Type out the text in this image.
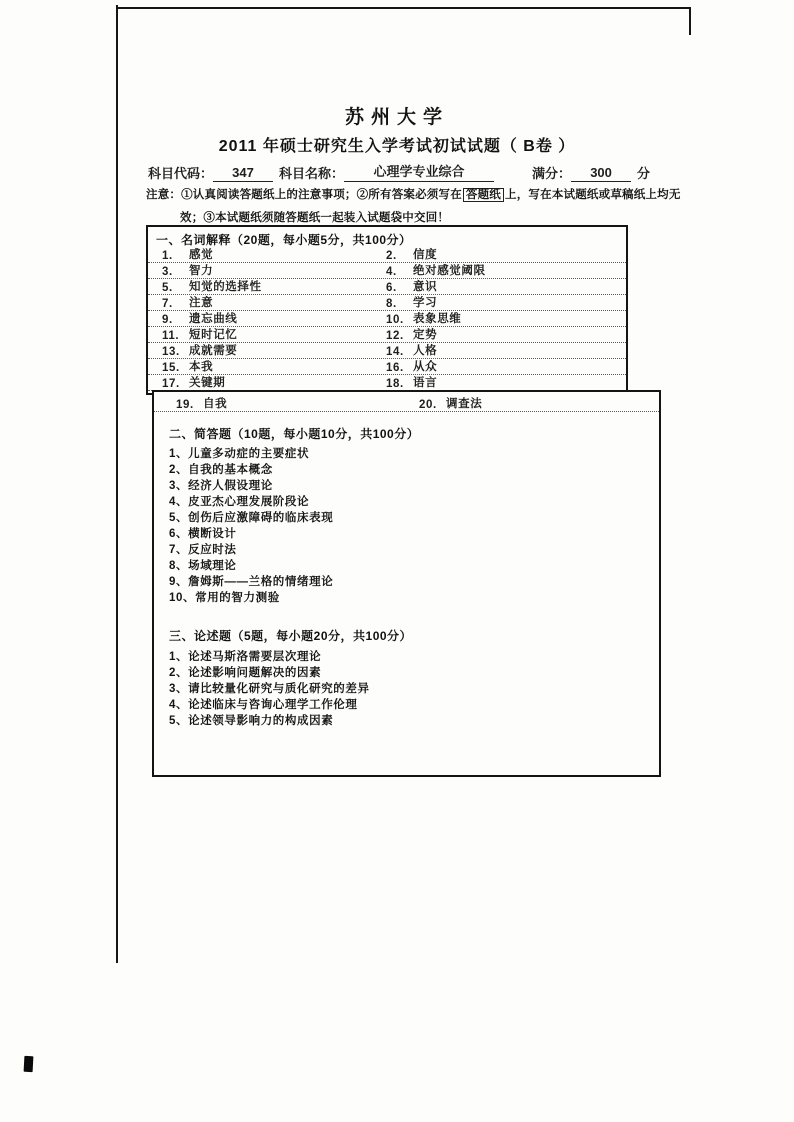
苏州大学
2011 年硕士研究生入学考试初试试题（ B卷 ）
科目代码：	347	科目名称：	心理学专业综合	满分：	300	分
注意：①认真阅读答题纸上的注意事项；②所有答案必须写在 答题纸 上，写在本试题纸或草稿纸上均无
效；③本试题纸须随答题纸一起装入试题袋中交回！
一、名词解释（20题，每小题5分，共100分）
1.	感觉	2.	信度
3.	智力	4.	绝对感觉阈限
5.	知觉的选择性	6.	意识
7.	注意	8.	学习
9.	遗忘曲线	10. 表象思维
11. 短时记忆	12. 定势
13. 成就需要	14. 人格
15. 本我	16. 从众
17. 关键期	18. 语言
19. 自我	20. 调查法
二、简答题（10题，每小题10分，共100分）
1、儿童多动症的主要症状
2、自我的基本概念
3、经济人假设理论
4、皮亚杰心理发展阶段论
5、创伤后应激障碍的临床表现
6、横断设计
7、反应时法
8、场域理论
9、詹姆斯——兰格的情绪理论
10、常用的智力测验
三、论述题（5题，每小题20分，共100分）
1、论述马斯洛需要层次理论
2、论述影响问题解决的因素
3、请比较量化研究与质化研究的差异
4、论述临床与咨询心理学工作伦理
5、论述领导影响力的构成因素
